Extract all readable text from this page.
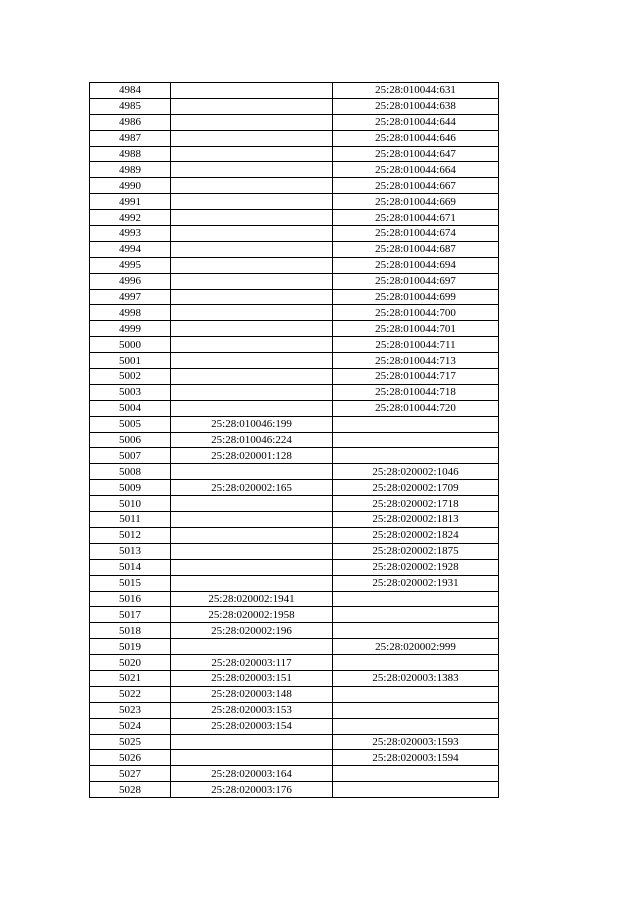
4984		25:28:010044:631
4985		25:28:010044:638
4986		25:28:010044:644
4987		25:28:010044:646
4988		25:28:010044:647
4989		25:28:010044:664
4990		25:28:010044:667
4991		25:28:010044:669
4992		25:28:010044:671
4993		25:28:010044:674
4994		25:28:010044:687
4995		25:28:010044:694
4996		25:28:010044:697
4997		25:28:010044:699
4998		25:28:010044:700
4999		25:28:010044:701
5000		25:28:010044:711
5001		25:28:010044:713
5002		25:28:010044:717
5003		25:28:010044:718
5004		25:28:010044:720
5005	25:28:010046:199	
5006	25:28:010046:224	
5007	25:28:020001:128	
5008		25:28:020002:1046
5009	25:28:020002:165	25:28:020002:1709
5010		25:28:020002:1718
5011		25:28:020002:1813
5012		25:28:020002:1824
5013		25:28:020002:1875
5014		25:28:020002:1928
5015		25:28:020002:1931
5016	25:28:020002:1941	
5017	25:28:020002:1958	
5018	25:28:020002:196	
5019		25:28:020002:999
5020	25:28:020003:117	
5021	25:28:020003:151	25:28:020003:1383
5022	25:28:020003:148	
5023	25:28:020003:153	
5024	25:28:020003:154	
5025		25:28:020003:1593
5026		25:28:020003:1594
5027	25:28:020003:164	
5028	25:28:020003:176	
